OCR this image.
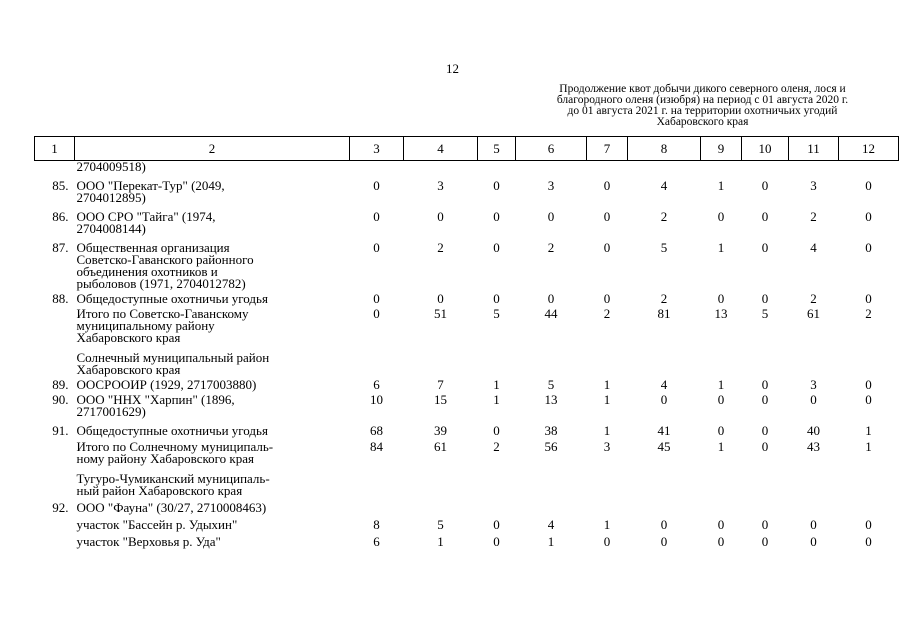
12
Продолжение квот добычи дикого северного оленя, лося и
благородного оленя (изюбря) на период с 01 августа 2020 г.
до 01 августа 2021 г. на территории охотничьих угодий
Хабаровского края
1	2	3	4	5	6	7	8	9	10	11	12

	2704009518)										

85.	ООО "Перекат-Тур" (2049,
2704012895)	0	3	0	3	0	4	1	0	3	0
86.	ООО СРО "Тайга" (1974,
2704008144)	0	0	0	0	0	2	0	0	2	0
87.	Общественная организация
Советско-Гаванского районного
объединения охотников и
рыболовов (1971, 2704012782)	0	2	0	2	0	5	1	0	4	0
88.	Общедоступные охотничьи угодья	0	0	0	0	0	2	0	0	2	0

	Итого по Советско-Гаванскому
муниципальному району
Хабаровского края	0	51	5	44	2	81	13	5	61	2

	Солнечный муниципальный район
Хабаровского края										

89.	ООСРООИР (1929, 2717003880)	6	7	1	5	1	4	1	0	3	0
90.	ООО "ННХ "Харпин" (1896,
2717001629)	10	15	1	13	1	0	0	0	0	0
91.	Общедоступные охотничьи угодья	68	39	0	38	1	41	0	0	40	1

	Итого по Солнечному муниципаль-
ному району Хабаровского края	84	61	2	56	3	45	1	0	43	1

	Тугуро-Чумиканский муниципаль-
ный район Хабаровского края										

92.	ООО "Фауна" (30/27, 2710008463)										

	участок "Бассейн р. Удыхин"	8	5	0	4	1	0	0	0	0	0

	участок "Верховья р. Уда"	6	1	0	1	0	0	0	0	0	0
